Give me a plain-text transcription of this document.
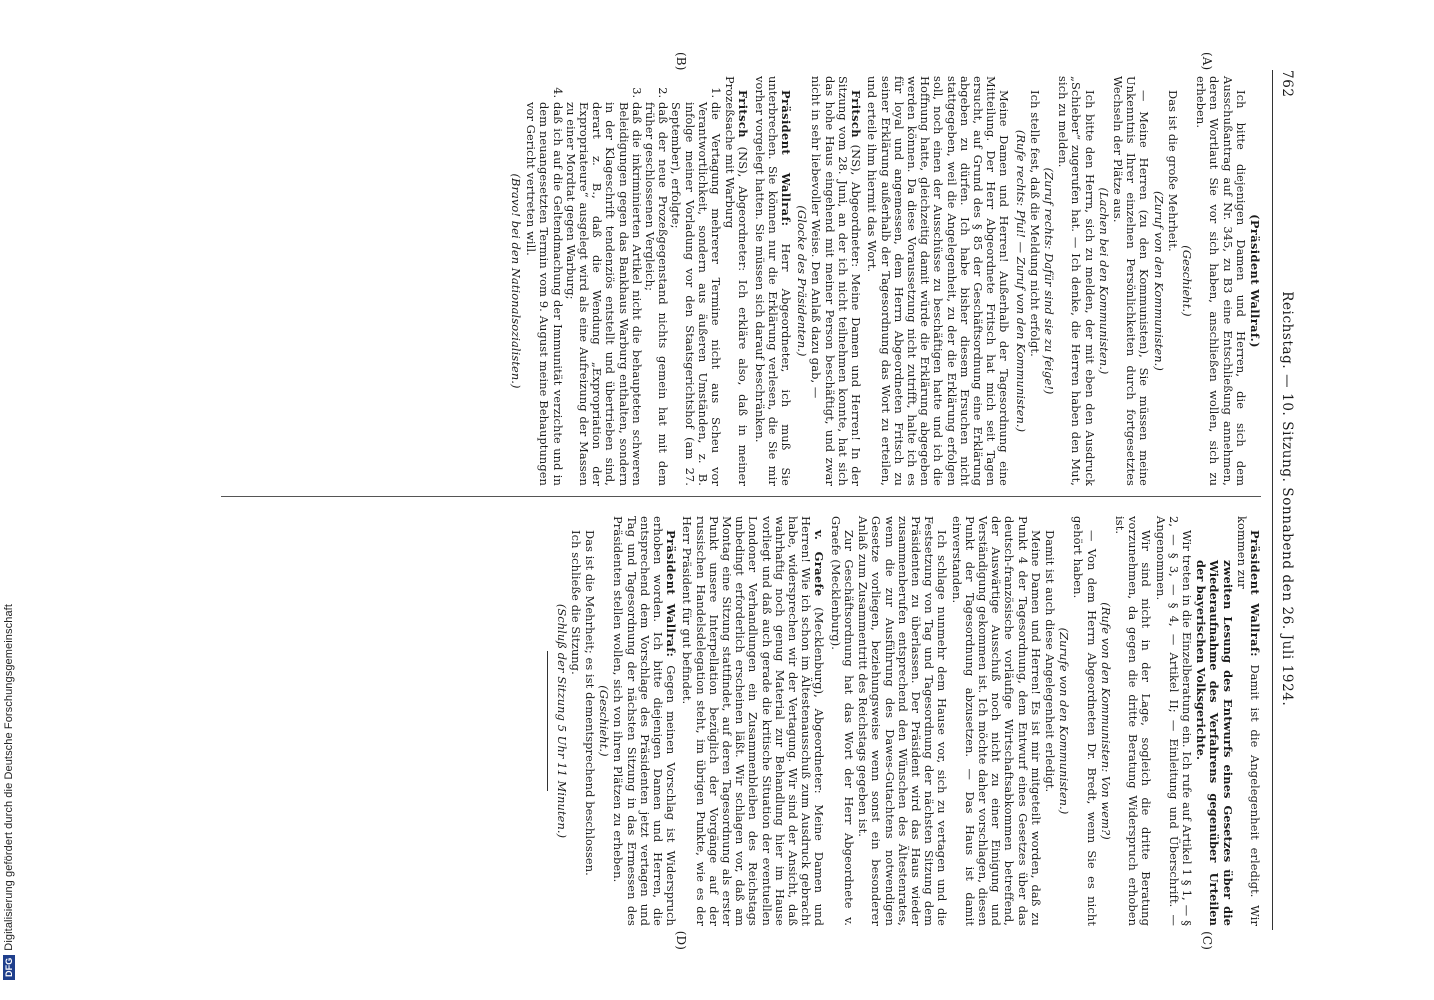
DFG
Digitalisierung gefördert durch die Deutsche Forschungsgemeinschaft
762
Reichstag. — 10. Sitzung. Sonnabend den 26. Juli 1924.
(A)
(B)
(C)
(D)

(Präsident Wallraf.)

Ich bitte diejenigen Damen und Herren, die sich dem Ausschußantrag auf Nr. 345, zu B3 eine Entschließung annehmen, deren Wortlaut Sie vor sich haben, anschließen wollen, sich zu erheben.

(Geschieht.)

Das ist die große Mehrheit.

(Zuruf von den Kommunisten.)

— Meine Herren (zu den Kommunisten), Sie müssen meine Unkenntnis Ihrer einzelnen Persönlichkeiten durch fortgesetztes Wechseln der Plätze aus.

(Lachen bei den Kommunisten.)

Ich bitte den Herrn, sich zu melden, der mit eben den Ausdruck „Schieber“ zugerufen hat. — Ich denke, die Herren haben den Mut, sich zu melden.

(Zuruf rechts: Dafür sind sie zu feige!)

Ich stelle fest, daß die Meldung nicht erfolgt.

(Rufe rechts: Pfui! — Zuruf von den Kommunisten.)

Meine Damen und Herren! Außerhalb der Tagesordnung eine Mitteilung. Der Herr Abgeordnete Fritsch hat mich seit Tagen ersucht, auf Grund des § 85 der Geschäftsordnung eine Erklärung abgeben zu dürfen. Ich habe bisher diesem Ersuchen nicht stattgegeben, weil die Angelegenheit, zu der die Erklärung erfolgen soll, noch einen der Ausschüsse zu beschäftigen hatte und ich die Hoffnung hatte, gleichzeitig damit würde die Erklärung abgegeben werden können. Da diese Voraussetzung nicht zutrifft, halte ich es für loyal und angemessen, dem Herrn Abgeordneten Fritsch zu seiner Erklärung außerhalb der Tagesordnung das Wort zu erteilen, und erteile ihm hiermit das Wort.

Fritsch (NS), Abgeordneter: Meine Damen und Herren! In der Sitzung vom 28. Juni, an der ich nicht teilnehmen konnte, hat sich das hohe Haus eingehend mit meiner Person beschäftigt, und zwar nicht in sehr liebevoller Weise. Den Anlaß dazu gab, —

(Glocke des Präsidenten.)

Präsident Wallraf: Herr Abgeordneter, ich muß Sie unterbrechen. Sie können nur die Erklärung verlesen, die Sie mir vorher vorgelegt hatten. Sie müssen sich darauf beschränken.

Fritsch (NS), Abgeordneter: Ich erkläre also, daß in meiner Prozeßsache mit Warburg

1. die Vertagung mehrerer Termine nicht aus Scheu vor Verantwortlichkeit, sondern aus äußeren Umständen, z. B. infolge meiner Vorladung vor den Staatsgerichtshof (am 27. September), erfolgte;
2. daß der neue Prozeßgegenstand nichts gemein hat mit dem früher geschlossenen Vergleich;
3. daß die inkriminierten Artikel nicht die behaupteten schweren Beleidigungen gegen das Bankhaus Warburg enthalten, sondern in der Klageschrift tendenziös entstellt und übertrieben sind, derart z. B., daß die Wendung „Expropriation der Expropriateure“ ausgelegt wird als eine Aufreizung der Massen zu einer Mordtat gegen Warburg;
4. daß ich auf die Geltendmachung der Immunität verzichte und in dem neuangesetzten Termin vom 9. August meine Behauptungen vor Gericht vertreten will.

(Bravo! bei den Nationalsozialisten.)

Präsident Wallraf: Damit ist die Angelegenheit erledigt. Wir kommen zur

zweiten Lesung des Entwurfs eines Gesetzes über die Wiederaufnahme des Verfahrens gegenüber Urteilen der bayerischen Volksgerichte.

Wir treten in die Einzelberatung ein. Ich rufe auf Artikel 1 § 1, — § 2, — § 3, — § 4, — Artikel II; — Einleitung und Überschrift. — Angenommen.

Wir sind nicht in der Lage, sogleich die dritte Beratung vorzunehmen, da gegen die dritte Beratung Widerspruch erhoben ist.

(Rufe von den Kommunisten: Von wem?)

— Von dem Herrn Abgeordneten Dr. Bredt, wenn Sie es nicht gehört haben.

(Zurufe von den Kommunisten.)

Damit ist auch diese Angelegenheit erledigt.

Meine Damen und Herren! Es ist mir mitgeteilt worden, daß zu Punkt 4 der Tagesordnung, dem Entwurf eines Gesetzes über das deutsch-französische vorläufige Wirtschaftsabkommen betreffend, der Auswärtige Ausschuß noch nicht zu einer Einigung und Verständigung gekommen ist. Ich möchte daher vorschlagen, diesen Punkt der Tagesordnung abzusetzen. — Das Haus ist damit einverstanden.

Ich schlage nunmehr dem Hause vor, sich zu vertagen und die Festsetzung von Tag und Tagesordnung der nächsten Sitzung dem Präsidenten zu überlassen. Der Präsident wird das Haus wieder zusammenberufen entsprechend den Wünschen des Ältestenrates, wenn die zur Ausführung des Dawes-Gutachtens notwendigen Gesetze vorliegen, beziehungsweise wenn sonst ein besonderer Anlaß zum Zusammentritt des Reichstags gegeben ist.

Zur Geschäftsordnung hat das Wort der Herr Abgeordnete v. Graefe (Mecklenburg).

v. Graefe (Mecklenburg), Abgeordneter: Meine Damen und Herren! Wie ich schon im Ältestenausschuß zum Ausdruck gebracht habe, widersprechen wir der Vertagung. Wir sind der Ansicht, daß wahrhaftig noch genug Material zur Behandlung hier im Hause vorliegt und daß auch gerade die kritische Situation der eventuellen Londoner Verhandlungen ein Zusammenbleiben des Reichstags unbedingt erforderlich erscheinen läßt. Wir schlagen vor, daß am Montag eine Sitzung stattfindet, auf deren Tagesordnung als erster Punkt unsere Interpellation bezüglich der Vorgänge auf der russischen Handelsdelegation steht, im übrigen Punkte, wie es der Herr Präsident für gut befindet.

Präsident Wallraf: Gegen meinen Vorschlag ist Widerspruch erhoben worden. Ich bitte diejenigen Damen und Herren, die entsprechend dem Vorschlage des Präsidenten jetzt vertagen und Tag und Tagesordnung der nächsten Sitzung in das Ermessen des Präsidenten stellen wollen, sich von ihren Plätzen zu erheben.

(Geschieht.)

Das ist die Mehrheit; es ist dementsprechend beschlossen.

Ich schließe die Sitzung.

(Schluß der Sitzung 5 Uhr 11 Minuten.)
